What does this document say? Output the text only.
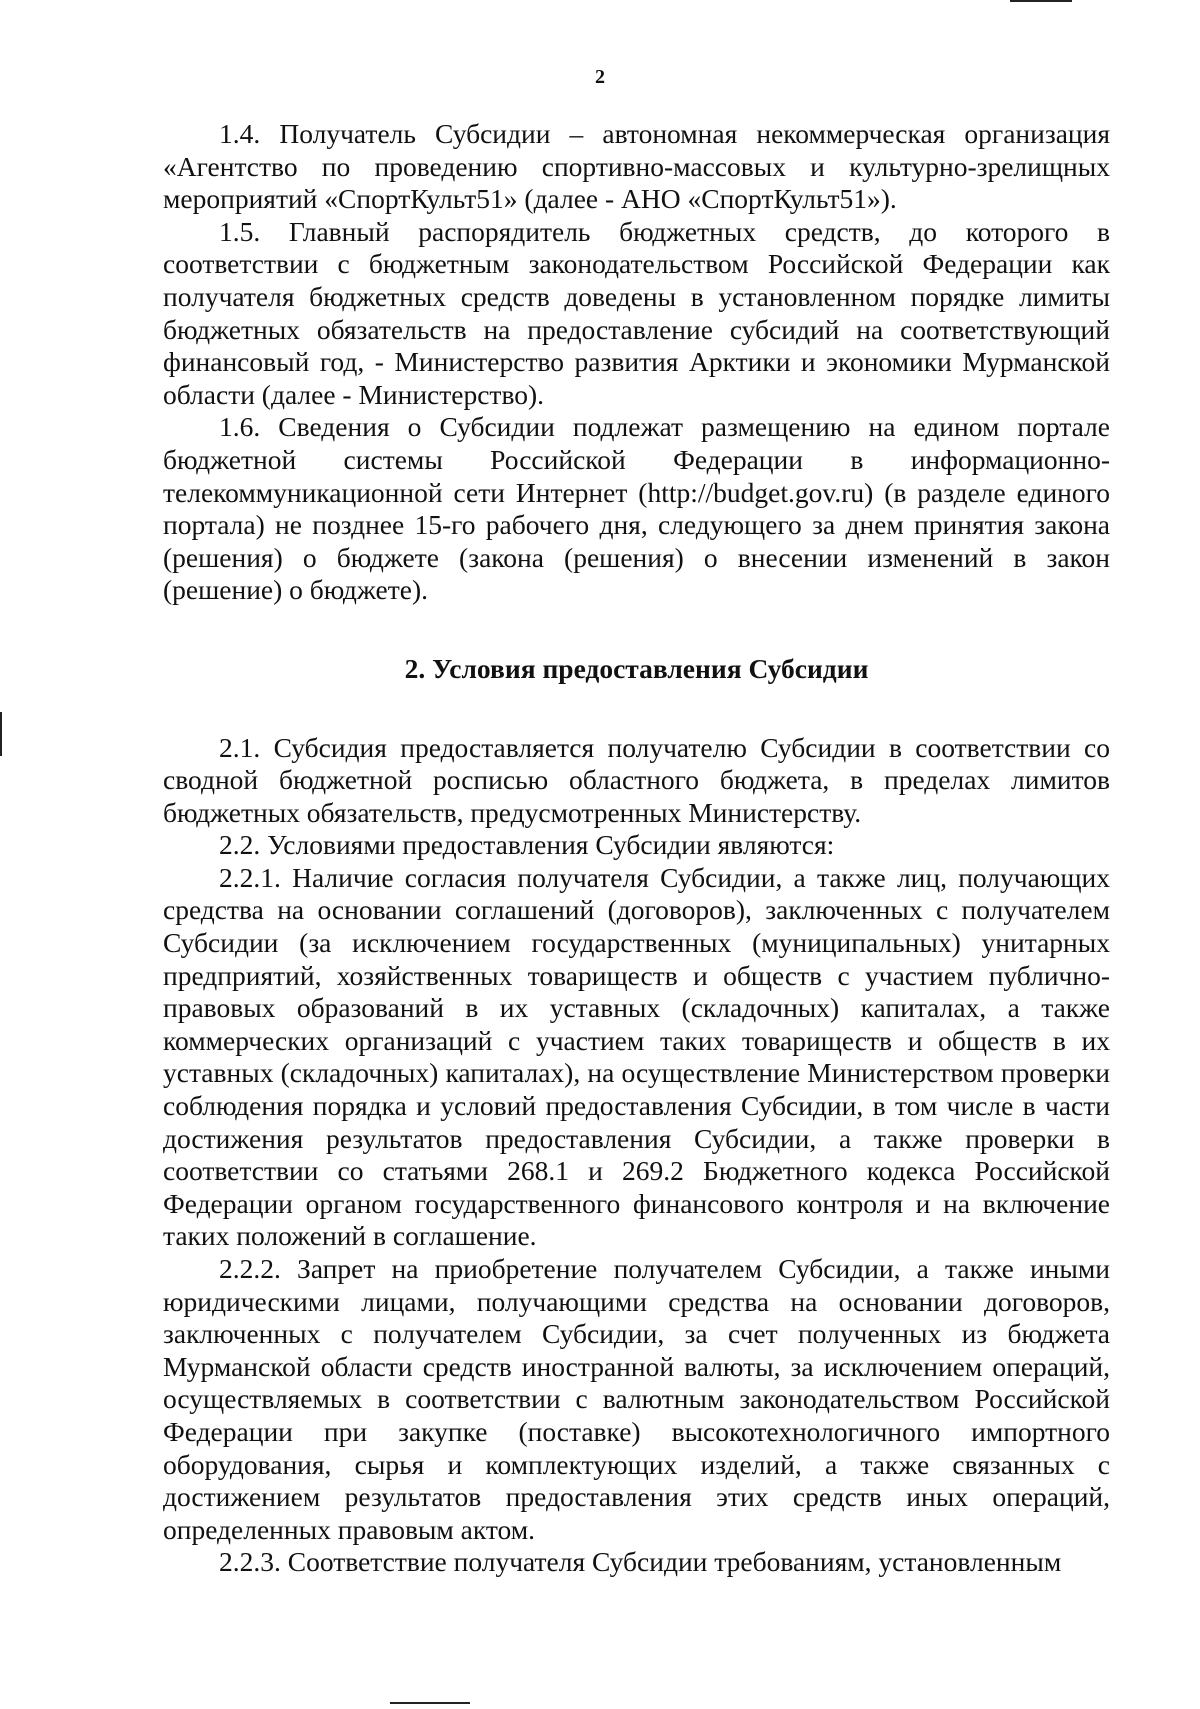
2

1.4. Получатель Субсидии – автономная некоммерческая организация «Агентство по проведению спортивно-массовых и культурно-зрелищных мероприятий «СпортКульт51» (далее - АНО «СпортКульт51»).

1.5. Главный распорядитель бюджетных средств, до которого в соответствии с бюджетным законодательством Российской Федерации как получателя бюджетных средств доведены в установленном порядке лимиты бюджетных обязательств на предоставление субсидий на соответствующий финансовый год, - Министерство развития Арктики и экономики Мурманской области (далее - Министерство).

1.6. Сведения о Субсидии подлежат размещению на едином портале бюджетной системы Российской Федерации в информационно-телекоммуникационной сети Интернет (http://budget.gov.ru) (в разделе единого портала) не позднее 15-го рабочего дня, следующего за днем принятия закона (решения) о бюджете (закона (решения) о внесении изменений в закон (решение) о бюджете).

2. Условия предоставления Субсидии

2.1. Субсидия предоставляется получателю Субсидии в соответствии со сводной бюджетной росписью областного бюджета, в пределах лимитов бюджетных обязательств, предусмотренных Министерству.

2.2. Условиями предоставления Субсидии являются:

2.2.1. Наличие согласия получателя Субсидии, а также лиц, получающих средства на основании соглашений (договоров), заключенных с получателем Субсидии (за исключением государственных (муниципальных) унитарных предприятий, хозяйственных товариществ и обществ с участием публично-правовых образований в их уставных (складочных) капиталах, а также коммерческих организаций с участием таких товариществ и обществ в их уставных (складочных) капиталах), на осуществление Министерством проверки соблюдения порядка и условий предоставления Субсидии, в том числе в части достижения результатов предоставления Субсидии, а также проверки в соответствии со статьями 268.1 и 269.2 Бюджетного кодекса Российской Федерации органом государственного финансового контроля и на включение таких положений в соглашение.

2.2.2. Запрет на приобретение получателем Субсидии, а также иными юридическими лицами, получающими средства на основании договоров, заключенных с получателем Субсидии, за счет полученных из бюджета Мурманской области средств иностранной валюты, за исключением операций, осуществляемых в соответствии с валютным законодательством Российской Федерации при закупке (поставке) высокотехнологичного импортного оборудования, сырья и комплектующих изделий, а также связанных с достижением результатов предоставления этих средств иных операций, определенных правовым актом.

2.2.3. Соответствие получателя Субсидии требованиям, установленным
